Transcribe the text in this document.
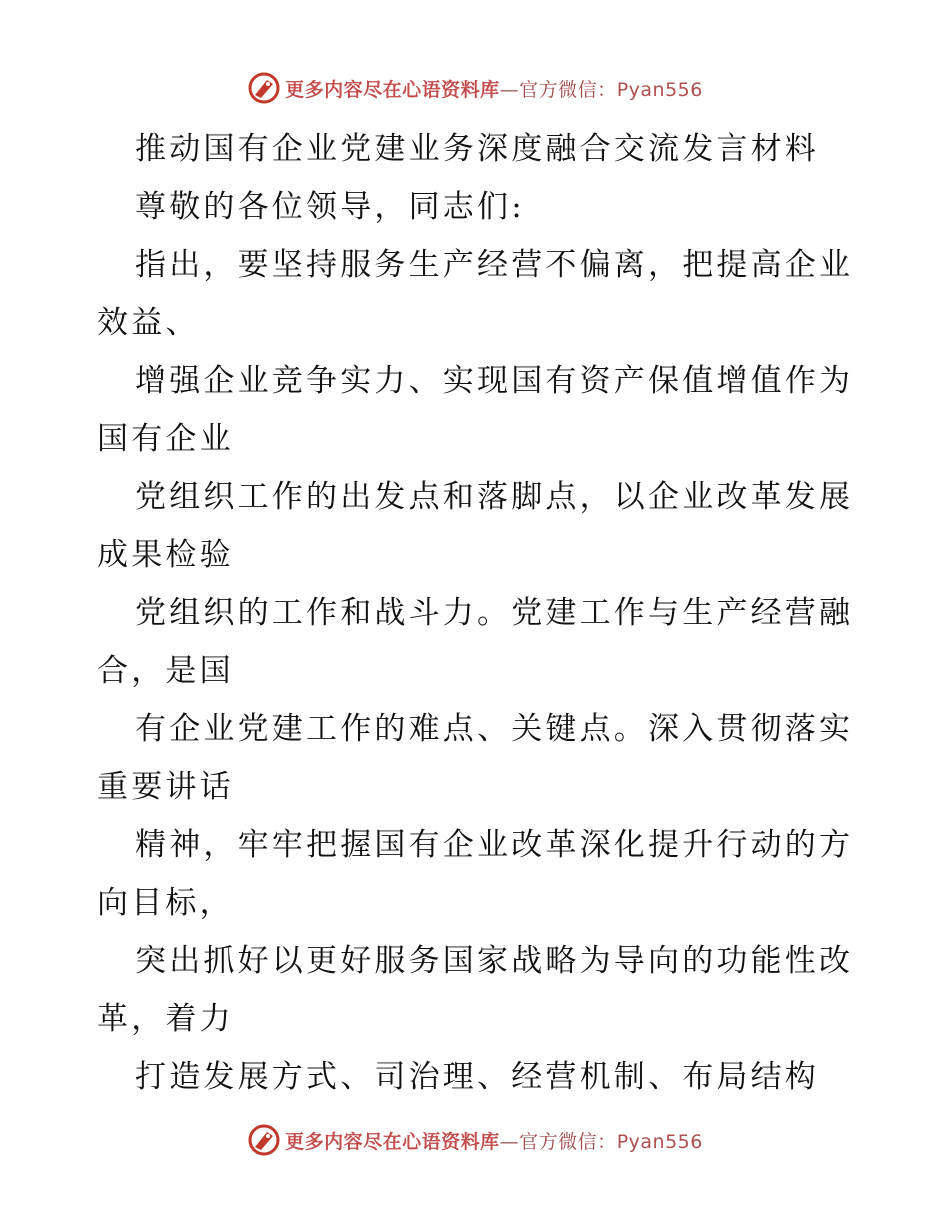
更多内容尽在心语资料库—官方微信：Pyan556
推动国有企业党建业务深度融合交流发言材料
尊敬的各位领导，同志们:
指出，要坚持服务生产经营不偏离，把提高企业
效益、
增强企业竞争实力、实现国有资产保值增值作为
国有企业
党组织工作的出发点和落脚点，以企业改革发展
成果检验
党组织的工作和战斗力。党建工作与生产经营融
合，是国
有企业党建工作的难点、关键点。深入贯彻落实
重要讲话
精神，牢牢把握国有企业改革深化提升行动的方
向目标，
突出抓好以更好服务国家战略为导向的功能性改
革，着力
打造发展方式、司治理、经营机制、布局结构
更多内容尽在心语资料库—官方微信：Pyan556
